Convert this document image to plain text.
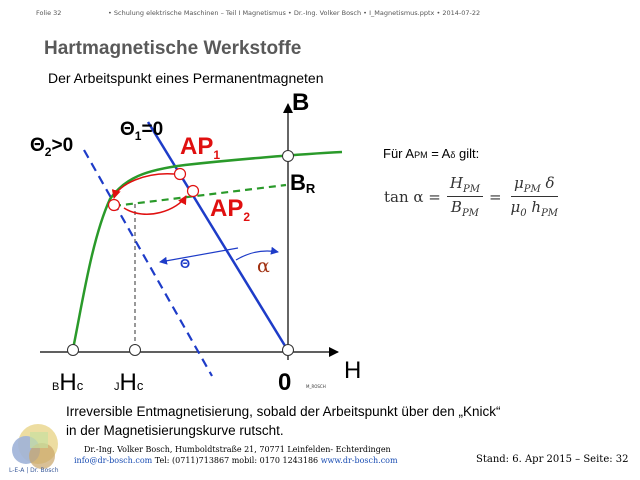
Folie 32	• Schulung elektrische Maschinen – Teil I Magnetismus • Dr.-Ing. Volker Bosch • I_Magnetismus.pptx • 2014-07-22
Hartmagnetische Werkstoffe
Der Arbeitspunkt eines Permanentmagneten
B
H
BR
0	M_ROSCH
$\Theta_2>0$
$\Theta_1=0$
$AP_1$
$AP_2$
Θ	α
BHc	JHc
Für APM = Aδ gilt:
$\tan \alpha = \frac{H_{PM}}{B_{PM}} = \frac{\mu_{PM} \delta}{\mu_0 h_{PM}}$
Irreversible Entmagnetisierung, sobald der Arbeitspunkt über den „Knick“
in der Magnetisierungskurve rutscht.
L-E-A | Dr. Bosch
Dr.-Ing. Volker Bosch, Humboldtstraße 21, 70771 Leinfelden- Echterdingen
info@dr-bosch.com Tel: (0711)713867 mobil: 0170 1243186 www.dr-bosch.com	Stand: 6. Apr 2015 – Seite: 32
